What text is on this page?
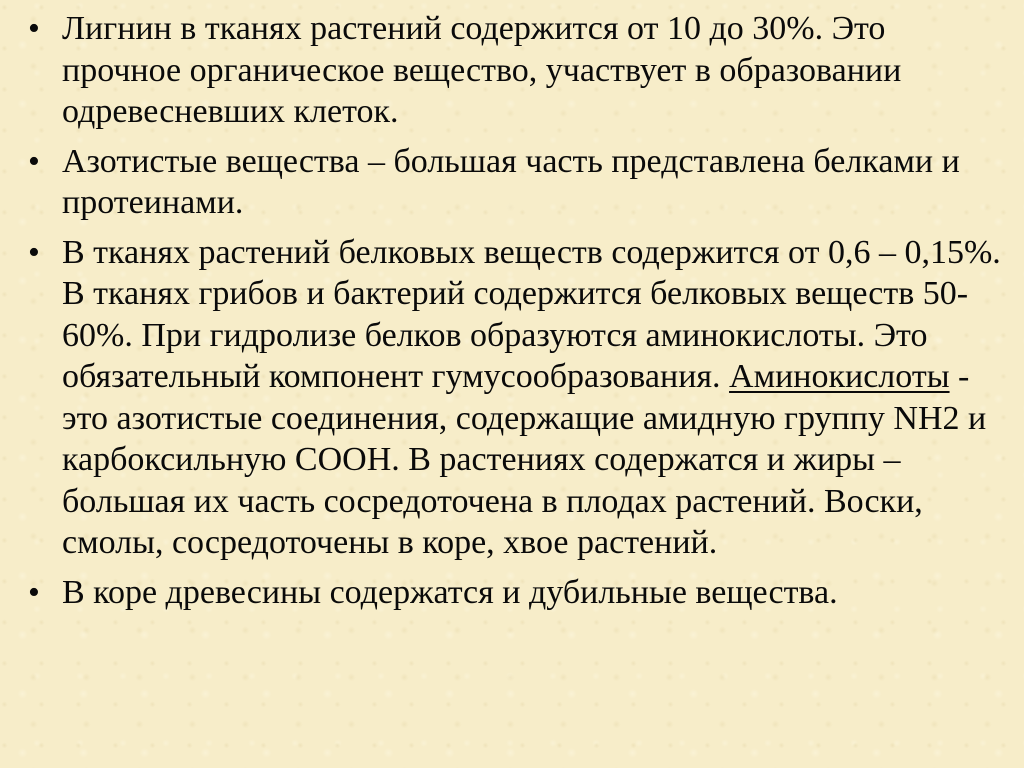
• Лигнин в тканях растений содержится от 10 до 30%. Это прочное органическое вещество, участвует в образовании одревесневших клеток.
• Азотистые вещества – большая часть представлена белками и протеинами.
• В тканях растений белковых веществ содержится от 0,6 – 0,15%. В тканях грибов и бактерий содержится белковых веществ 50-60%. При гидролизе белков образуются аминокислоты. Это обязательный компонент гумусообразования. Аминокислоты - это азотистые соединения, содержащие амидную группу NH2 и карбоксильную СООН. В растениях содержатся и жиры – большая их часть сосредоточена в плодах растений. Воски, смолы, сосредоточены в коре, хвое растений.
• В коре древесины содержатся и дубильные вещества.
